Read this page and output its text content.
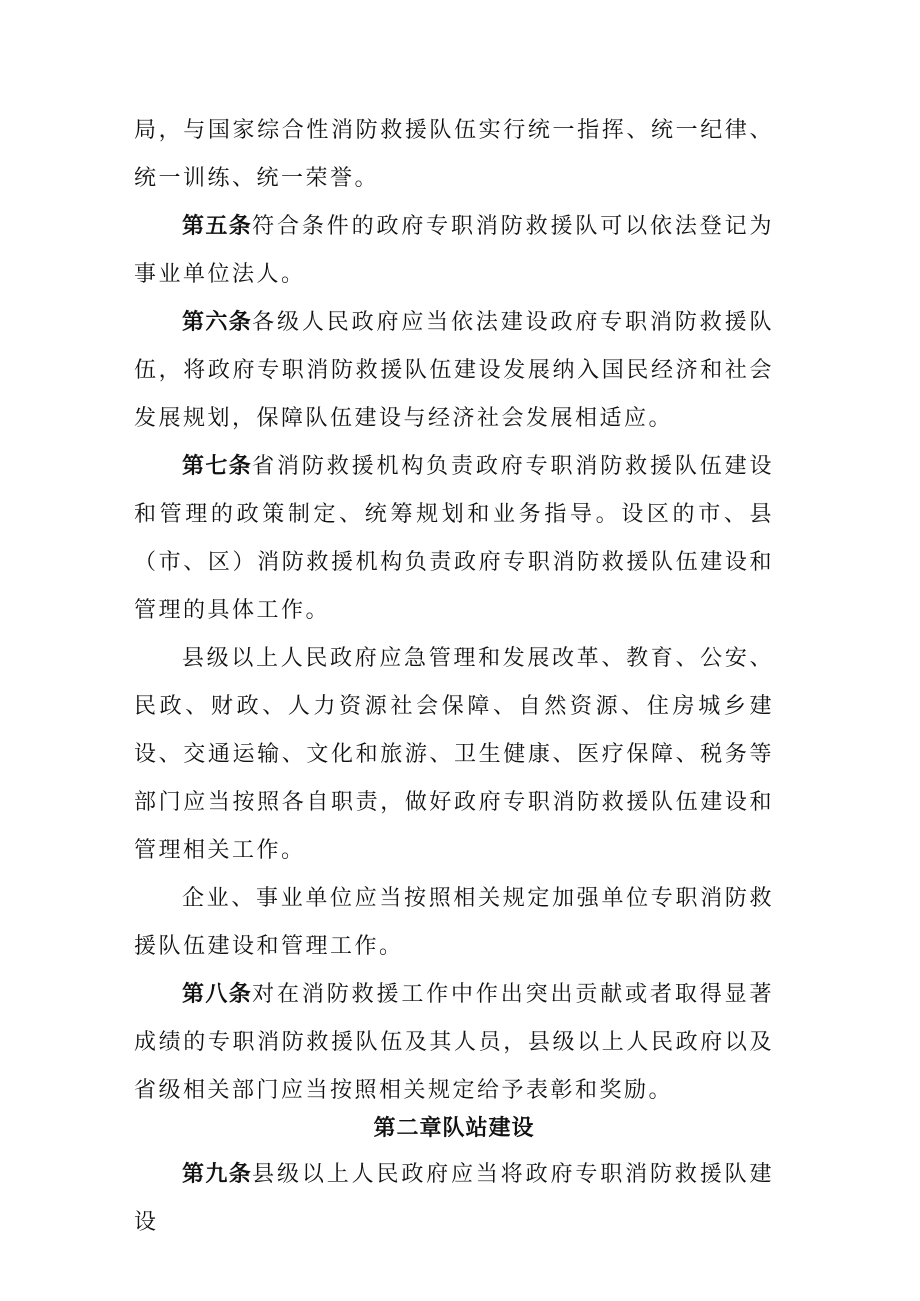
局，与国家综合性消防救援队伍实行统一指挥、统一纪律、统一训练、统一荣誉。

第五条符合条件的政府专职消防救援队可以依法登记为事业单位法人。

第六条各级人民政府应当依法建设政府专职消防救援队伍，将政府专职消防救援队伍建设发展纳入国民经济和社会发展规划，保障队伍建设与经济社会发展相适应。

第七条省消防救援机构负责政府专职消防救援队伍建设和管理的政策制定、统筹规划和业务指导。设区的市、县（市、区）消防救援机构负责政府专职消防救援队伍建设和管理的具体工作。

县级以上人民政府应急管理和发展改革、教育、公安、民政、财政、人力资源社会保障、自然资源、住房城乡建设、交通运输、文化和旅游、卫生健康、医疗保障、税务等部门应当按照各自职责，做好政府专职消防救援队伍建设和管理相关工作。

企业、事业单位应当按照相关规定加强单位专职消防救援队伍建设和管理工作。

第八条对在消防救援工作中作出突出贡献或者取得显著成绩的专职消防救援队伍及其人员，县级以上人民政府以及省级相关部门应当按照相关规定给予表彰和奖励。

第二章队站建设

第九条县级以上人民政府应当将政府专职消防救援队建设
